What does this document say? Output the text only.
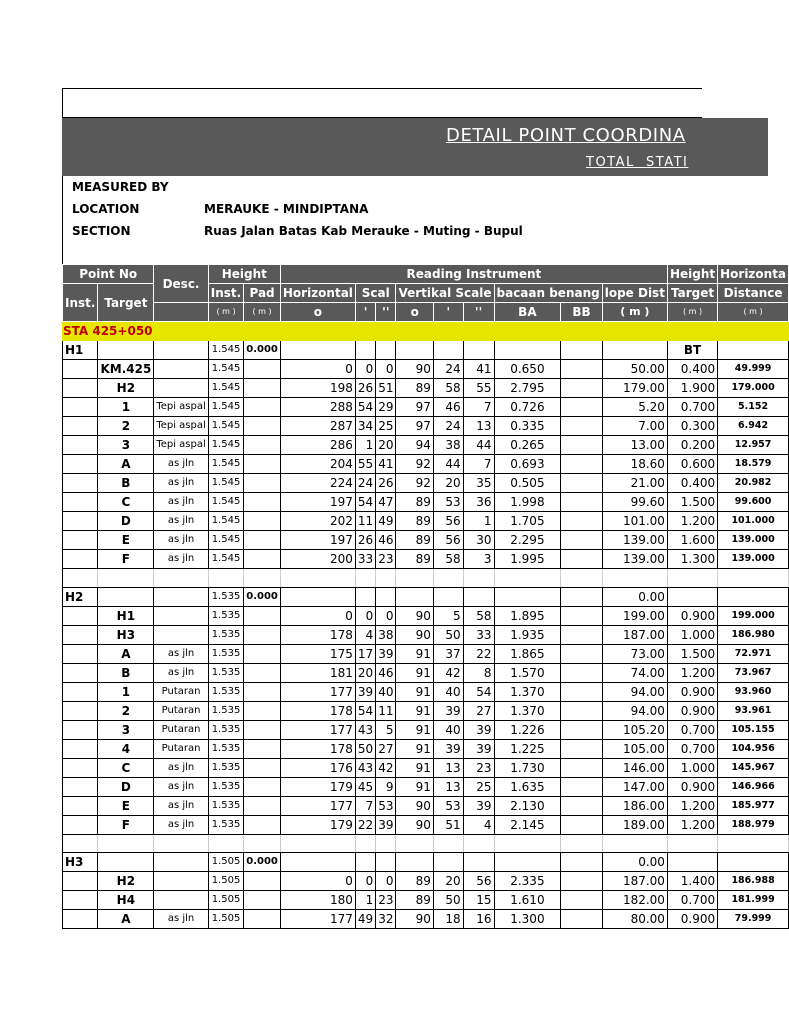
DETAIL POINT COORDINA
TOTAL  STATI
MEASURED BY
LOCATION	MERAUKE - MINDIPTANA
SECTION	Ruas Jalan Batas Kab Merauke - Muting - Bupul
Point No		Desc.	Height		Reading Instrument									Height	Horizonta
Inst.	Target		Inst.	Pad	Horizontal	Scal		Vertikal Scale			bacaan benang		lope Dist	Target	Distance
			( m )	( m )	o	'	''	o	'	''	BA	BB	( m )	( m )	( m )
STA 425+050															
H1			1.545	0.000										BT	
	KM.425		1.545		0	0	0	90	24	41	0.650		50.00	0.400	49.999
	H2		1.545		198	26	51	89	58	55	2.795		179.00	1.900	179.000
	1	Tepi aspal	1.545		288	54	29	97	46	7	0.726		5.20	0.700	5.152
	2	Tepi aspal	1.545		287	34	25	97	24	13	0.335		7.00	0.300	6.942
	3	Tepi aspal	1.545		286	1	20	94	38	44	0.265		13.00	0.200	12.957
	A	as jln	1.545		204	55	41	92	44	7	0.693		18.60	0.600	18.579
	B	as jln	1.545		224	24	26	92	20	35	0.505		21.00	0.400	20.982
	C	as jln	1.545		197	54	47	89	53	36	1.998		99.60	1.500	99.600
	D	as jln	1.545		202	11	49	89	56	1	1.705		101.00	1.200	101.000
	E	as jln	1.545		197	26	46	89	56	30	2.295		139.00	1.600	139.000
	F	as jln	1.545		200	33	23	89	58	3	1.995		139.00	1.300	139.000

H2			1.535	0.000									0.00		
	H1		1.535		0	0	0	90	5	58	1.895		199.00	0.900	199.000
	H3		1.535		178	4	38	90	50	33	1.935		187.00	1.000	186.980
	A	as jln	1.535		175	17	39	91	37	22	1.865		73.00	1.500	72.971
	B	as jln	1.535		181	20	46	91	42	8	1.570		74.00	1.200	73.967
	1	Putaran	1.535		177	39	40	91	40	54	1.370		94.00	0.900	93.960
	2	Putaran	1.535		178	54	11	91	39	27	1.370		94.00	0.900	93.961
	3	Putaran	1.535		177	43	5	91	40	39	1.226		105.20	0.700	105.155
	4	Putaran	1.535		178	50	27	91	39	39	1.225		105.00	0.700	104.956
	C	as jln	1.535		176	43	42	91	13	23	1.730		146.00	1.000	145.967
	D	as jln	1.535		179	45	9	91	13	25	1.635		147.00	0.900	146.966
	E	as jln	1.535		177	7	53	90	53	39	2.130		186.00	1.200	185.977
	F	as jln	1.535		179	22	39	90	51	4	2.145		189.00	1.200	188.979

H3			1.505	0.000									0.00		
	H2		1.505		0	0	0	89	20	56	2.335		187.00	1.400	186.988
	H4		1.505		180	1	23	89	50	15	1.610		182.00	0.700	181.999
	A	as jln	1.505		177	49	32	90	18	16	1.300		80.00	0.900	79.999
